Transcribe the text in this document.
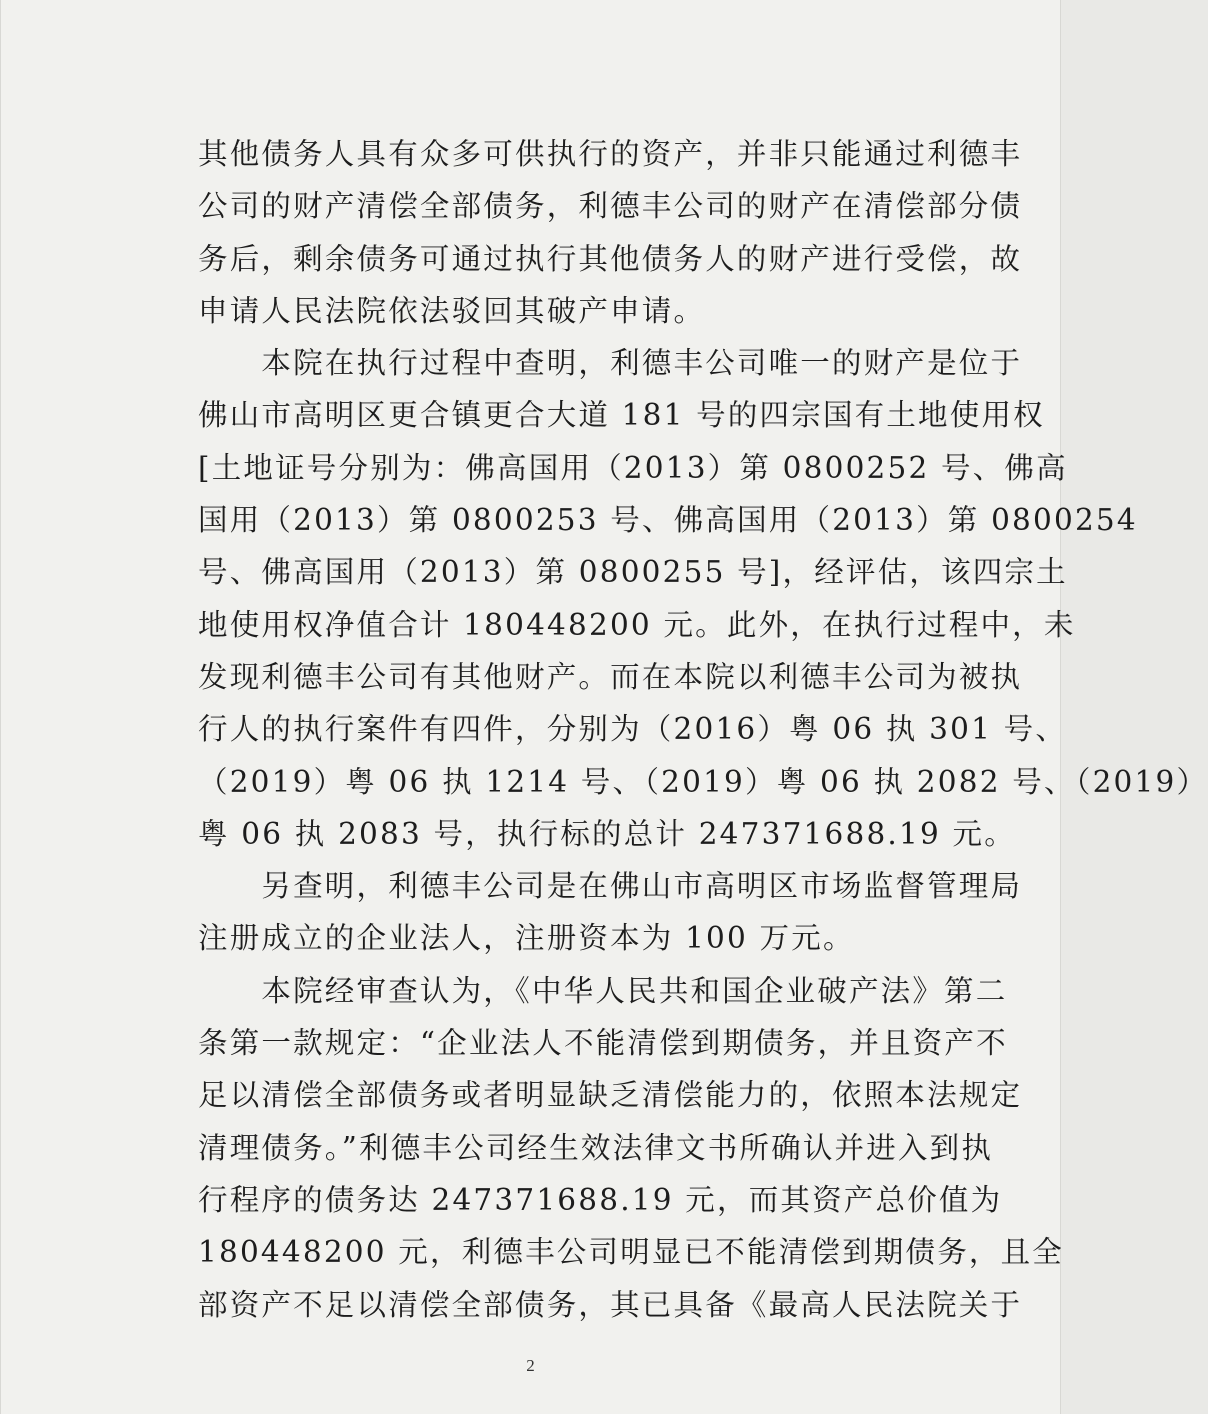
其他债务人具有众多可供执行的资产，并非只能通过利德丰
公司的财产清偿全部债务，利德丰公司的财产在清偿部分债
务后，剩余债务可通过执行其他债务人的财产进行受偿，故
申请人民法院依法驳回其破产申请。
　　本院在执行过程中查明，利德丰公司唯一的财产是位于
佛山市高明区更合镇更合大道 181 号的四宗国有土地使用权
[土地证号分别为：佛高国用（2013）第 0800252 号、佛高
国用（2013）第 0800253 号、佛高国用（2013）第 0800254
号、佛高国用（2013）第 0800255 号]，经评估，该四宗土
地使用权净值合计 180448200 元。此外，在执行过程中，未
发现利德丰公司有其他财产。而在本院以利德丰公司为被执
行人的执行案件有四件，分别为（2016）粤 06 执 301 号、
（2019）粤 06 执 1214 号、（2019）粤 06 执 2082 号、（2019）
粤 06 执 2083 号，执行标的总计 247371688.19 元。
　　另查明，利德丰公司是在佛山市高明区市场监督管理局
注册成立的企业法人，注册资本为 100 万元。
　　本院经审查认为，《中华人民共和国企业破产法》第二
条第一款规定：“企业法人不能清偿到期债务，并且资产不
足以清偿全部债务或者明显缺乏清偿能力的，依照本法规定
清理债务。”利德丰公司经生效法律文书所确认并进入到执
行程序的债务达 247371688.19 元，而其资产总价值为
180448200 元，利德丰公司明显已不能清偿到期债务，且全
部资产不足以清偿全部债务，其已具备《最高人民法院关于
2
